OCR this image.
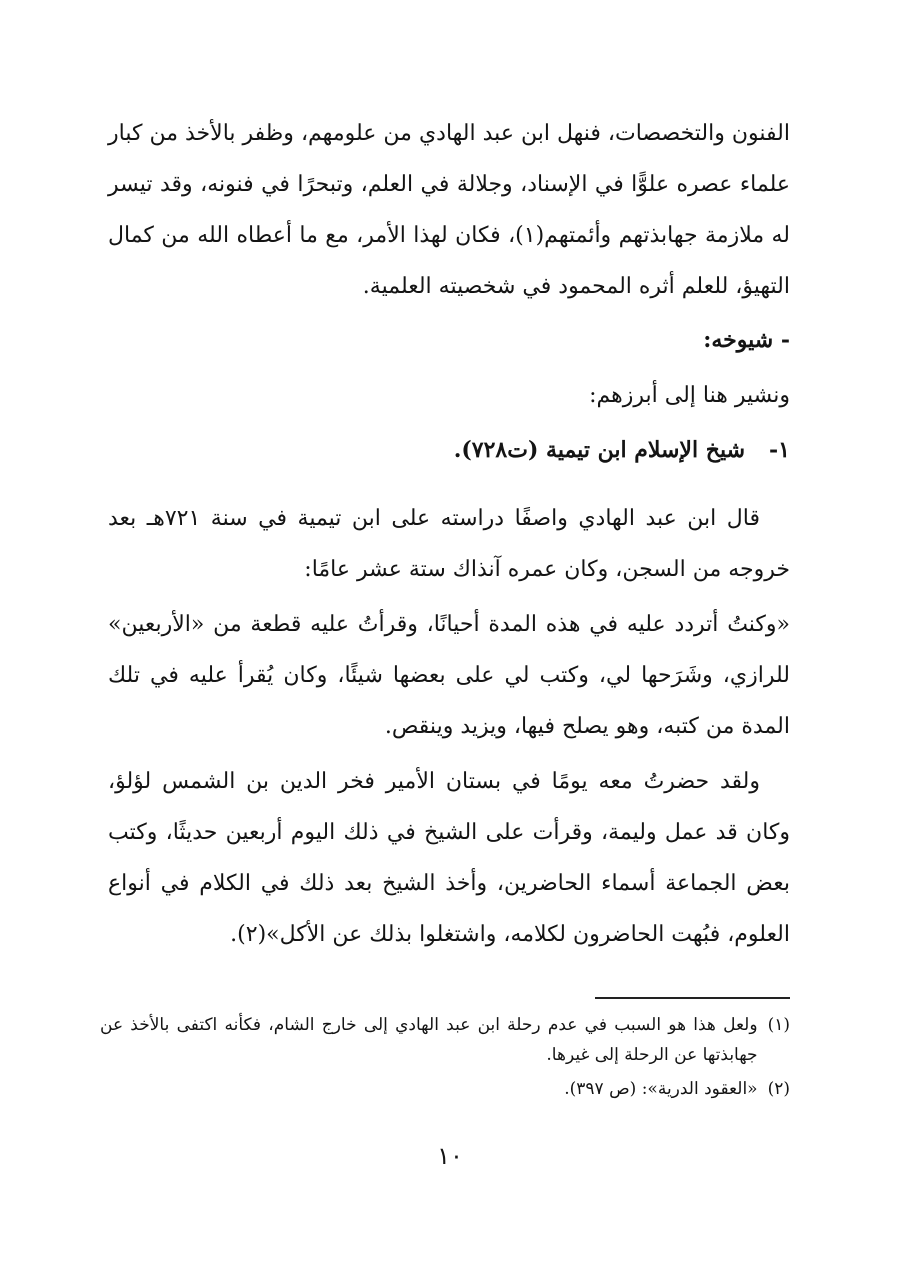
الفنون والتخصصات، فنهل ابن عبد الهادي من علومهم، وظفر بالأخذ من كبار علماء عصره علوًّا في الإسناد، وجلالة في العلم، وتبحرًا في فنونه، وقد تيسر له ملازمة جهابذتهم وأئمتهم(١)، فكان لهذا الأمر، مع ما أعطاه الله من كمال التهيؤ، للعلم أثره المحمود في شخصيته العلمية.

- شيوخه:

ونشير هنا إلى أبرزهم:

١-
شيخ الإسلام ابن تيمية (ت٧٢٨).

قال ابن عبد الهادي واصفًا دراسته على ابن تيمية في سنة ٧٢١هـ بعد خروجه من السجن، وكان عمره آنذاك ستة عشر عامًا:

«وكنتُ أتردد عليه في هذه المدة أحيانًا، وقرأتُ عليه قطعة من «الأربعين» للرازي، وشَرَحها لي، وكتب لي على بعضها شيئًا، وكان يُقرأ عليه في تلك المدة من كتبه، وهو يصلح فيها، ويزيد وينقص.

ولقد حضرتُ معه يومًا في بستان الأمير فخر الدين بن الشمس لؤلؤ، وكان قد عمل وليمة، وقرأت على الشيخ في ذلك اليوم أربعين حديثًا، وكتب بعض الجماعة أسماء الحاضرين، وأخذ الشيخ بعد ذلك في الكلام في أنواع العلوم، فبُهت الحاضرون لكلامه، واشتغلوا بذلك عن الأكل»(٢).

(١)
ولعل هذا هو السبب في عدم رحلة ابن عبد الهادي إلى خارج الشام، فكأنه اكتفى بالأخذ عن جهابذتها عن الرحلة إلى غيرها.
(٢)
«العقود الدرية»: (ص ٣٩٧).
١٠
